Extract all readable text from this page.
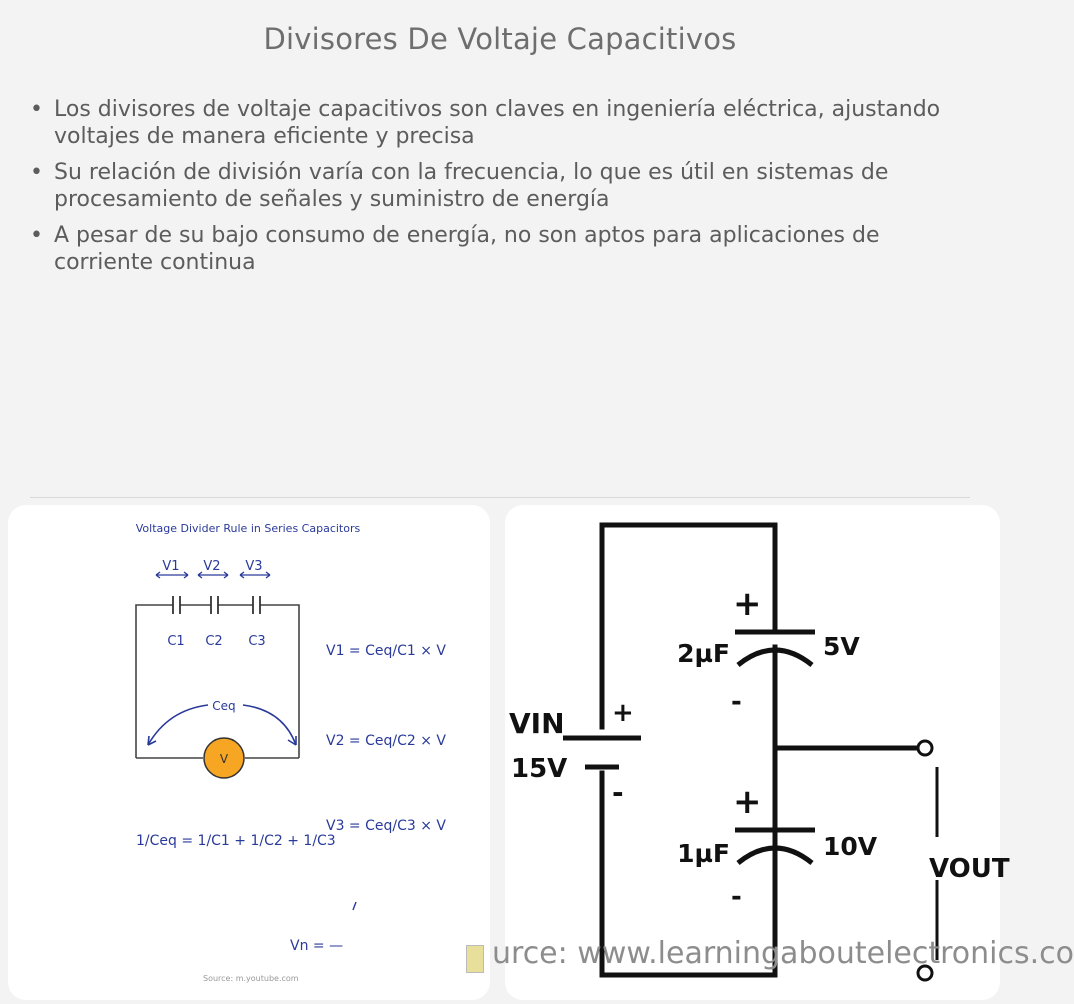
Divisores De Voltaje Capacitivos
• Los divisores de voltaje capacitivos son claves en ingeniería eléctrica, ajustando voltajes de manera eficiente y precisa
• Su relación de división varía con la frecuencia, lo que es útil en sistemas de procesamiento de señales y suministro de energía
• A pesar de su bajo consumo de energía, no son aptos para aplicaciones de corriente continua
Voltage Divider Rule in Series Capacitors
V1 V2 V3
C1 C2 C3
Ceq
V
V1 = Ceq/C1 × V
V2 = Ceq/C2 × V
V3 = Ceq/C3 × V
1/Ceq = 1/C1 + 1/C2 + 1/C3
Vn = —
Source: m.youtube.com
+
-
2µF	5V
+
-
1µF	10V
+
-
VIN
15V
VOUT
urce: www.learningaboutelectronics.co
